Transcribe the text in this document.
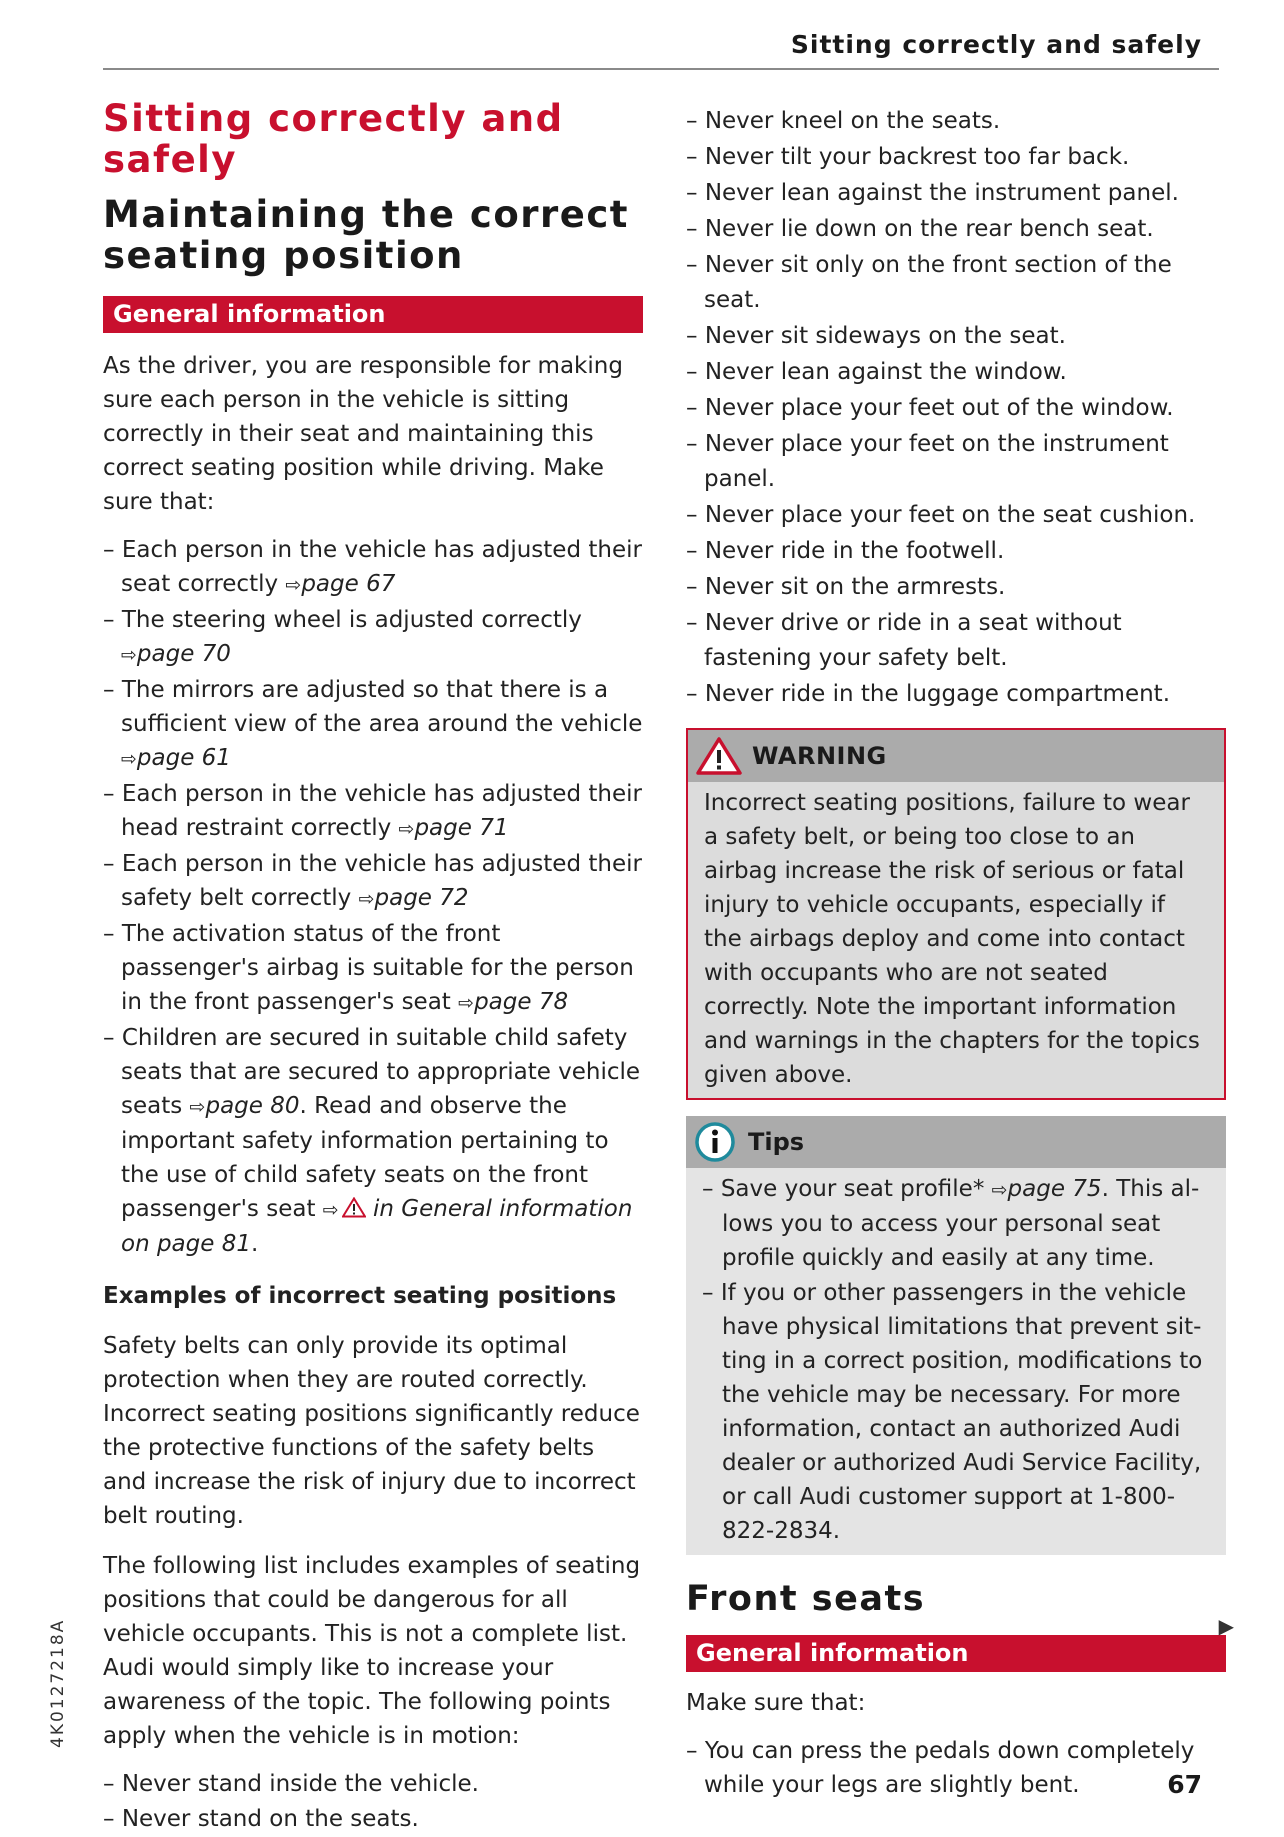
Sitting correctly and safely
Sitting correctly and safely
Maintaining the correct seating position
General information

As the driver, you are responsible for making sure each person in the vehicle is sitting correctly in their seat and maintaining this correct seating position while driving. Make sure that:

– Each person in the vehicle has adjusted their seat correctly ⇨page 67
– The steering wheel is adjusted correctly ⇨page 70
– The mirrors are adjusted so that there is a sufficient view of the area around the vehicle ⇨page 61
– Each person in the vehicle has adjusted their head restraint correctly ⇨page 71
– Each person in the vehicle has adjusted their safety belt correctly ⇨page 72
– The activation status of the front passenger's airbag is suitable for the person in the front passenger's seat ⇨page 78
– Children are secured in suitable child safety seats that are secured to appropriate vehicle seats ⇨page 80. Read and observe the important safety information pertaining to the use of child safety seats on the front passenger's seat ⇨ in General information on page 81.
Examples of incorrect seating positions

Safety belts can only provide its optimal protection when they are routed correctly. Incorrect seating positions significantly reduce the protective functions of the safety belts and increase the risk of injury due to incorrect belt routing.

The following list includes examples of seating positions that could be dangerous for all vehicle occupants. This is not a complete list. Audi would simply like to increase your awareness of the topic. The following points apply when the vehicle is in motion:

– Never stand inside the vehicle.
– Never stand on the seats.
– Never kneel on the seats.
– Never tilt your backrest too far back.
– Never lean against the instrument panel.
– Never lie down on the rear bench seat.
– Never sit only on the front section of the seat.
– Never sit sideways on the seat.
– Never lean against the window.
– Never place your feet out of the window.
– Never place your feet on the instrument panel.
– Never place your feet on the seat cushion.
– Never ride in the footwell.
– Never sit on the armrests.
– Never drive or ride in a seat without fastening your safety belt.
– Never ride in the luggage compartment.
WARNING
Incorrect seating positions, failure to wear a safety belt, or being too close to an airbag increase the risk of serious or fatal injury to vehicle occupants, especially if the airbags deploy and come into contact with occupants who are not seated correctly. Note the important information and warnings in the chapters for the topics given above.
Tips
– Save your seat profile* ⇨page 75. This allows you to access your personal seat profile quickly and easily at any time.
– If you or other passengers in the vehicle have physical limitations that prevent sitting in a correct position, modifications to the vehicle may be necessary. For more information, contact an authorized Audi dealer or authorized Audi Service Facility, or call Audi customer support at 1-800-822-2834.
Front seats
General information

Make sure that:

– You can press the pedals down completely while your legs are slightly bent.
▶
4K0127218A
67
